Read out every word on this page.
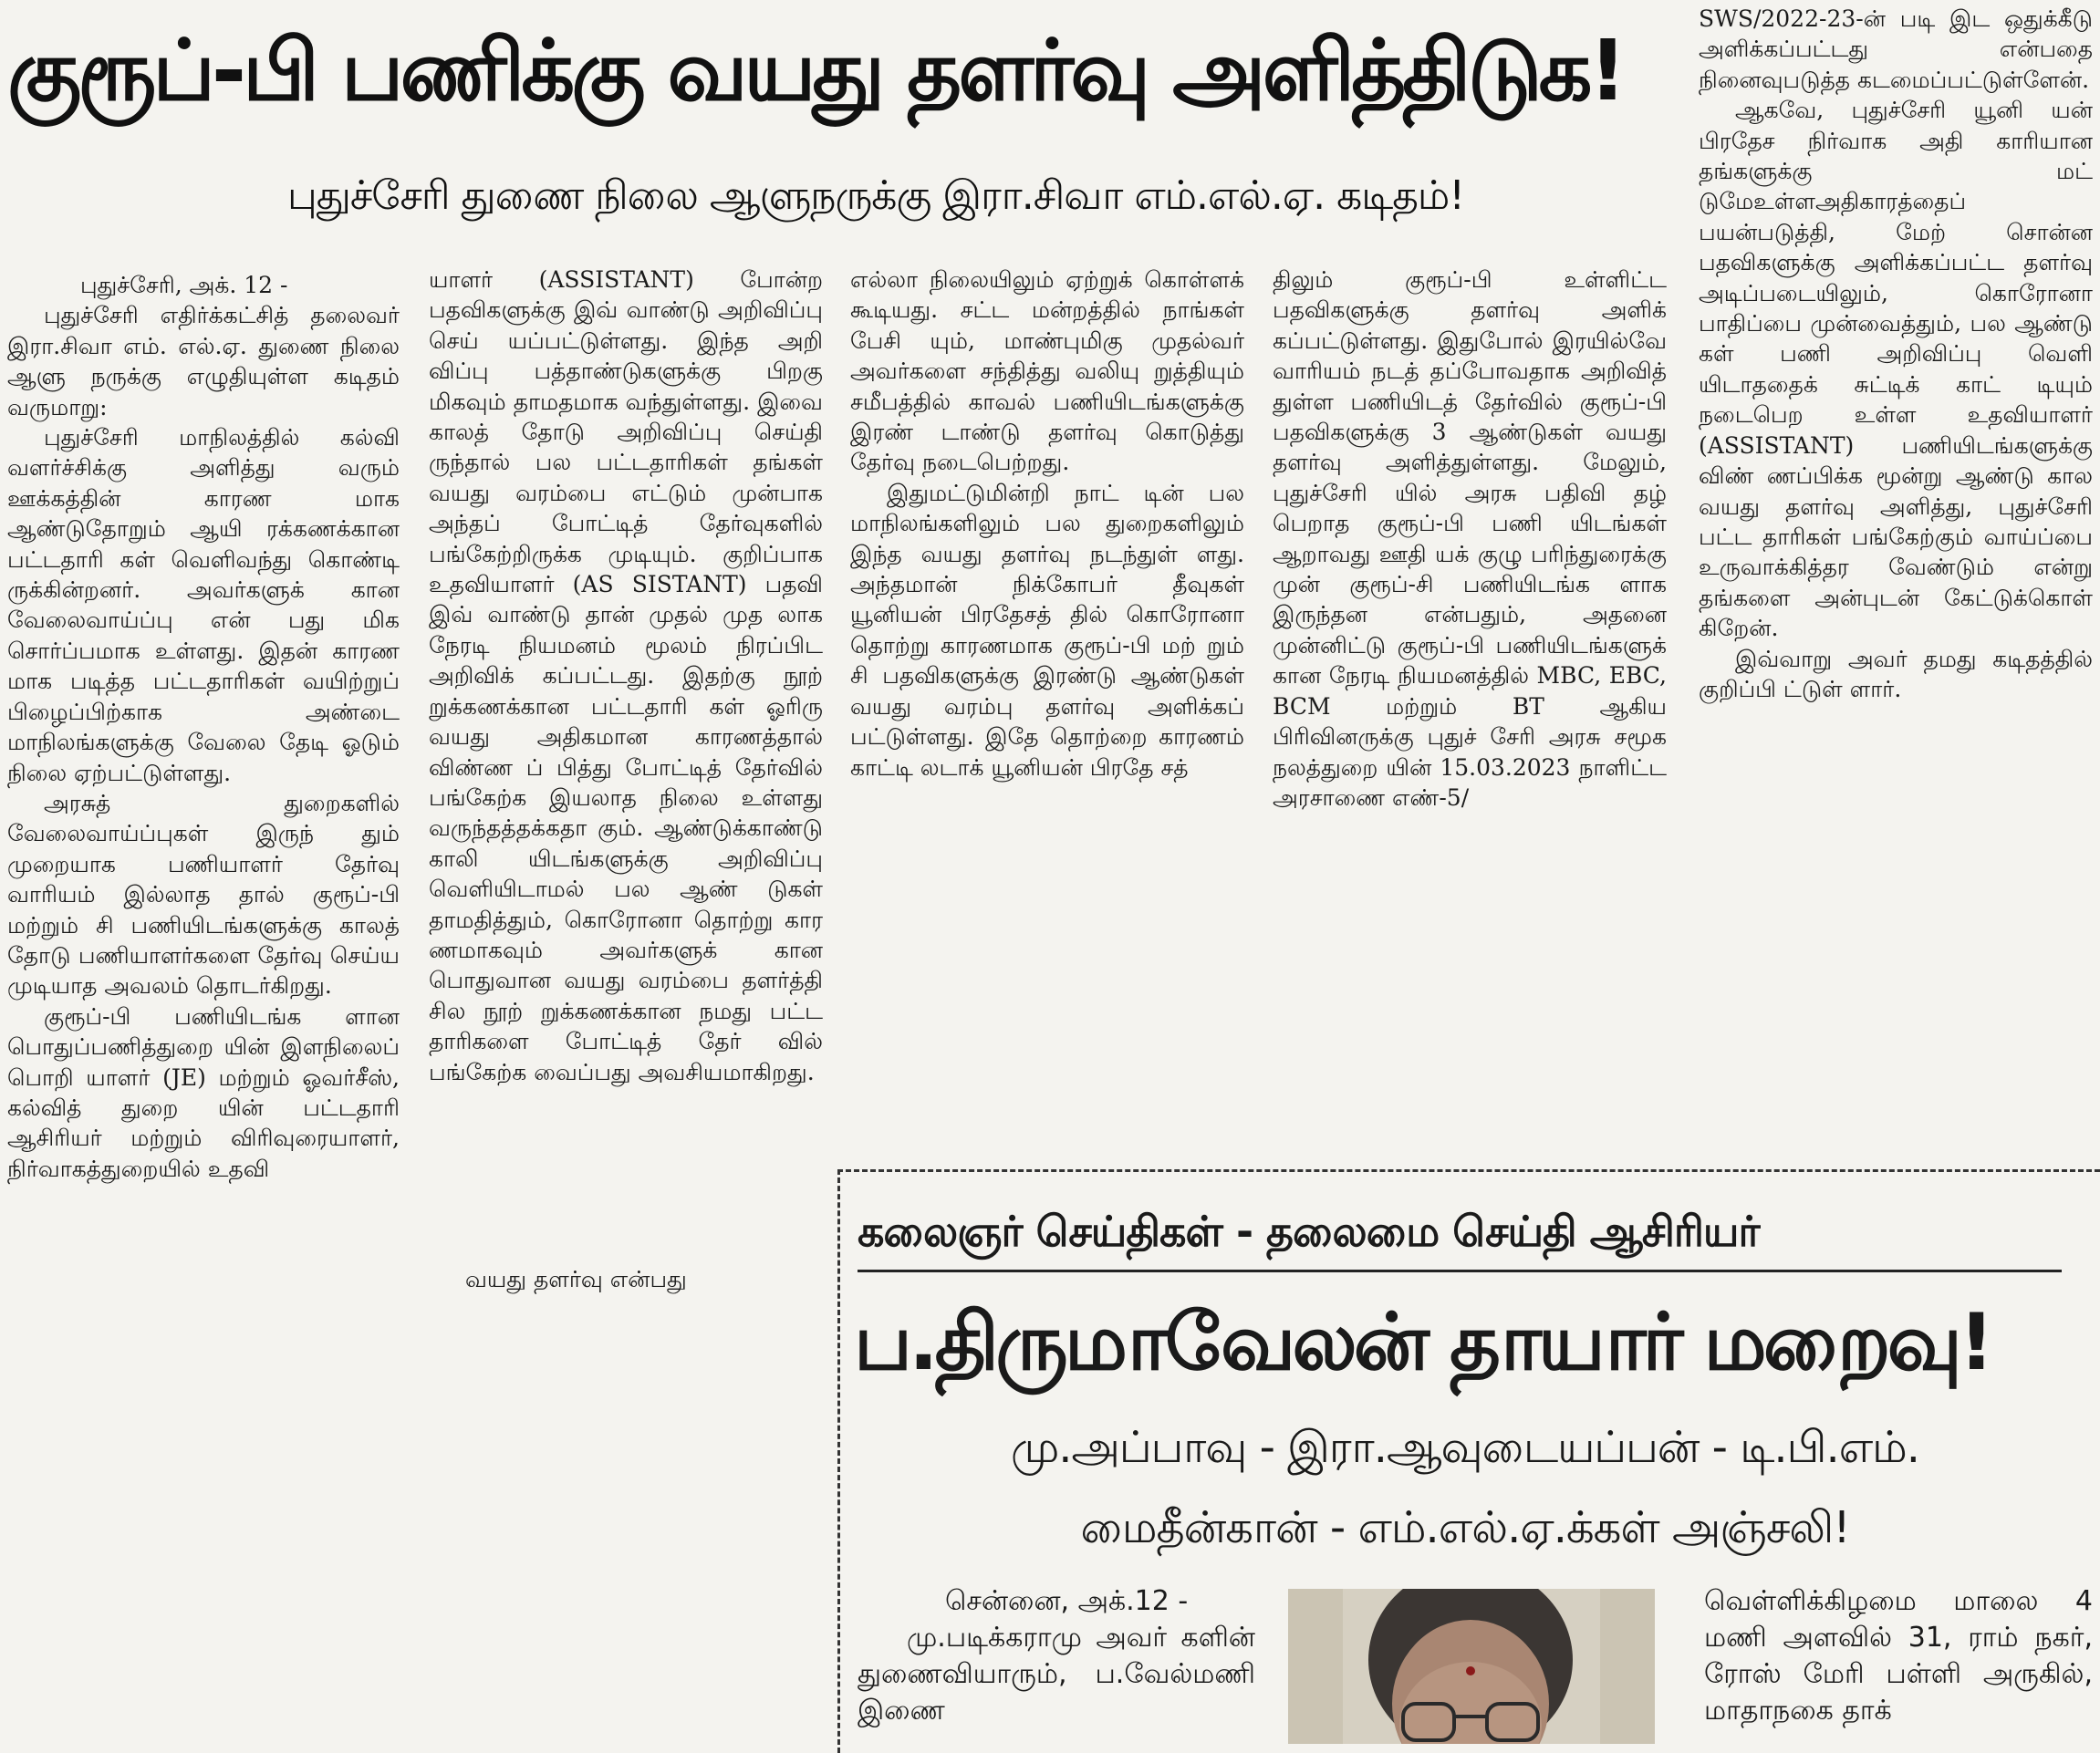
குரூப்-பி பணிக்கு வயது தளர்வு அளித்திடுக!
புதுச்சேரி துணை நிலை ஆளுநருக்கு இரா.சிவா எம்.எல்.ஏ. கடிதம்!

புதுச்சேரி, அக். 12 -

புதுச்சேரி எதிர்க்கட்சித் தலைவர் இரா.சிவா எம். எல்.ஏ. துணை நிலை ஆளு நருக்கு எழுதியுள்ள கடிதம் வருமாறு:

புதுச்சேரி மாநிலத்தில் கல்வி வளர்ச்சிக்கு அளித்து வரும் ஊக்கத்தின் காரண மாக ஆண்டுதோறும் ஆயி ரக்கணக்கான பட்டதாரி கள் வெளிவந்து கொண்டி ருக்கின்றனர். அவர்களுக் கான வேலைவாய்ப்பு என் பது மிக சொர்ப்பமாக உள்ளது. இதன் காரண மாக படித்த பட்டதாரிகள் வயிற்றுப் பிழைப்பிற்காக அண்டை மாநிலங்களுக்கு வேலை தேடி ஓடும் நிலை ஏற்பட்டுள்ளது.

அரசுத் துறைகளில் வேலைவாய்ப்புகள் இருந் தும் முறையாக பணியாளர் தேர்வு வாரியம் இல்லாத தால் குரூப்-பி மற்றும் சி பணியிடங்களுக்கு காலத் தோடு பணியாளர்களை தேர்வு செய்ய முடியாத அவலம் தொடர்கிறது.

குரூப்-பி பணியிடங்க ளான பொதுப்பணித்துறை யின் இளநிலைப் பொறி யாளர் (JE) மற்றும் ஓவர்சீஸ், கல்வித் துறை யின் பட்டதாரி ஆசிரியர் மற்றும் விரிவுரையாளர், நிர்வாகத்துறையில் உதவி

யாளர் (ASSISTANT) போன்ற பதவிகளுக்கு இவ் வாண்டு அறிவிப்பு செய் யப்பட்டுள்ளது. இந்த அறி விப்பு பத்தாண்டுகளுக்கு பிறகு மிகவும் தாமதமாக வந்துள்ளது. இவை காலத் தோடு அறிவிப்பு செய்தி ருந்தால் பல பட்டதாரிகள் தங்கள் வயது வரம்பை எட்டும் முன்பாக அந்தப் போட்டித் தேர்வுகளில் பங்கேற்றிருக்க முடியும். குறிப்பாக உதவியாளர் (AS SISTANT) பதவி இவ் வாண்டு தான் முதல் முத லாக நேரடி நியமனம் மூலம் நிரப்பிட அறிவிக் கப்பட்டது. இதற்கு நூற் றுக்கணக்கான பட்டதாரி கள் ஓரிரு வயது அதிகமான காரணத்தால் விண்ண ப் பித்து போட்டித் தேர்வில் பங்கேற்க இயலாத நிலை உள்ளது வருந்தத்தக்கதா கும். ஆண்டுக்காண்டு காலி யிடங்களுக்கு அறிவிப்பு வெளியிடாமல் பல ஆண் டுகள் தாமதித்தும், கொரோனா தொற்று கார ணமாகவும் அவர்களுக் கான பொதுவான வயது வரம்பை தளர்த்தி சில நூற் றுக்கணக்கான நமது பட்ட தாரிகளை போட்டித் தேர் வில் பங்கேற்க வைப்பது அவசியமாகிறது.

வயது தளர்வு என்பது

எல்லா நிலையிலும் ஏற்றுக் கொள்ளக் கூடியது. சட்ட மன்றத்தில் நாங்கள் பேசி யும், மாண்புமிகு முதல்வர் அவர்களை சந்தித்து வலியு றுத்தியும் சமீபத்தில் காவல் பணியிடங்களுக்கு இரண் டாண்டு தளர்வு கொடுத்து தேர்வு நடைபெற்றது.

இதுமட்டுமின்றி நாட் டின் பல மாநிலங்களிலும் பல துறைகளிலும் இந்த வயது தளர்வு நடந்துள் ளது. அந்தமான் நிக்கோபர் தீவுகள் யூனியன் பிரதேசத் தில் கொரோனா தொற்று காரணமாக குரூப்-பி மற் றும் சி பதவிகளுக்கு இரண்டு ஆண்டுகள் வயது வரம்பு தளர்வு அளிக்கப் பட்டுள்ளது. இதே தொற்றை காரணம் காட்டி லடாக் யூனியன் பிரதே சத்

திலும் குரூப்-பி உள்ளிட்ட பதவிகளுக்கு தளர்வு அளிக் கப்பட்டுள்ளது. இதுபோல் இரயில்வே வாரியம் நடத் தப்போவதாக அறிவித் துள்ள பணியிடத் தேர்வில் குரூப்-பி பதவிகளுக்கு 3 ஆண்டுகள் வயது தளர்வு அளித்துள்ளது. மேலும், புதுச்சேரி யில் அரசு பதிவி தழ் பெறாத குரூப்-பி பணி யிடங்கள் ஆறாவது ஊதி யக் குழு பரிந்துரைக்கு முன் குரூப்-சி பணியிடங்க ளாக இருந்தன என்பதும், அதனை முன்னிட்டு குரூப்-பி பணியிடங்களுக் கான நேரடி நியமனத்தில் MBC, EBC, BCM மற்றும் BT ஆகிய பிரிவினருக்கு புதுச் சேரி அரசு சமூக நலத்துறை யின் 15.03.2023 நாளிட்ட அரசாணை எண்-5/

SWS/2022-23-ன் படி இட ஒதுக்கீடு அளிக்கப்பட்டது என்பதை நினைவுபடுத்த கடமைப்பட்டுள்ளேன்.

ஆகவே, புதுச்சேரி யூனி யன் பிரதேச நிர்வாக அதி காரியான தங்களுக்கு மட் டுமேஉள்ளஅதிகாரத்தைப் பயன்படுத்தி, மேற் சொன்ன பதவிகளுக்கு அளிக்கப்பட்ட தளர்வு அடிப்படையிலும், கொரோனா பாதிப்பை முன்வைத்தும், பல ஆண்டு கள் பணி அறிவிப்பு வெளி யிடாததைக் சுட்டிக் காட் டியும் நடைபெற உள்ள உதவியாளர் (ASSISTANT) பணியிடங்களுக்கு விண் ணப்பிக்க மூன்று ஆண்டு கால வயது தளர்வு அளித்து, புதுச்சேரி பட்ட தாரிகள் பங்கேற்கும் வாய்ப்பை உருவாக்கித்தர வேண்டும் என்று தங்களை அன்புடன் கேட்டுக்கொள் கிறேன்.

இவ்வாறு அவர் தமது கடிதத்தில் குறிப்பி ட்டுள் ளார்.

கலைஞர் செய்திகள் - தலைமை செய்தி ஆசிரியர்
ப.திருமாவேலன் தாயார் மறைவு!
மு.அப்பாவு - இரா.ஆவுடையப்பன் - டி.பி.எம்.
மைதீன்கான் - எம்.எல்.ஏ.க்கள் அஞ்சலி!

சென்னை, அக்.12 -

மு.படிக்கராமு அவர் களின் துணைவியாரும், ப.வேல்மணி இணை

வெள்ளிக்கிழமை மாலை 4 மணி அளவில் 31, ராம் நகர், ரோஸ் மேரி பள்ளி அருகில், மாதாநகை தாக்
